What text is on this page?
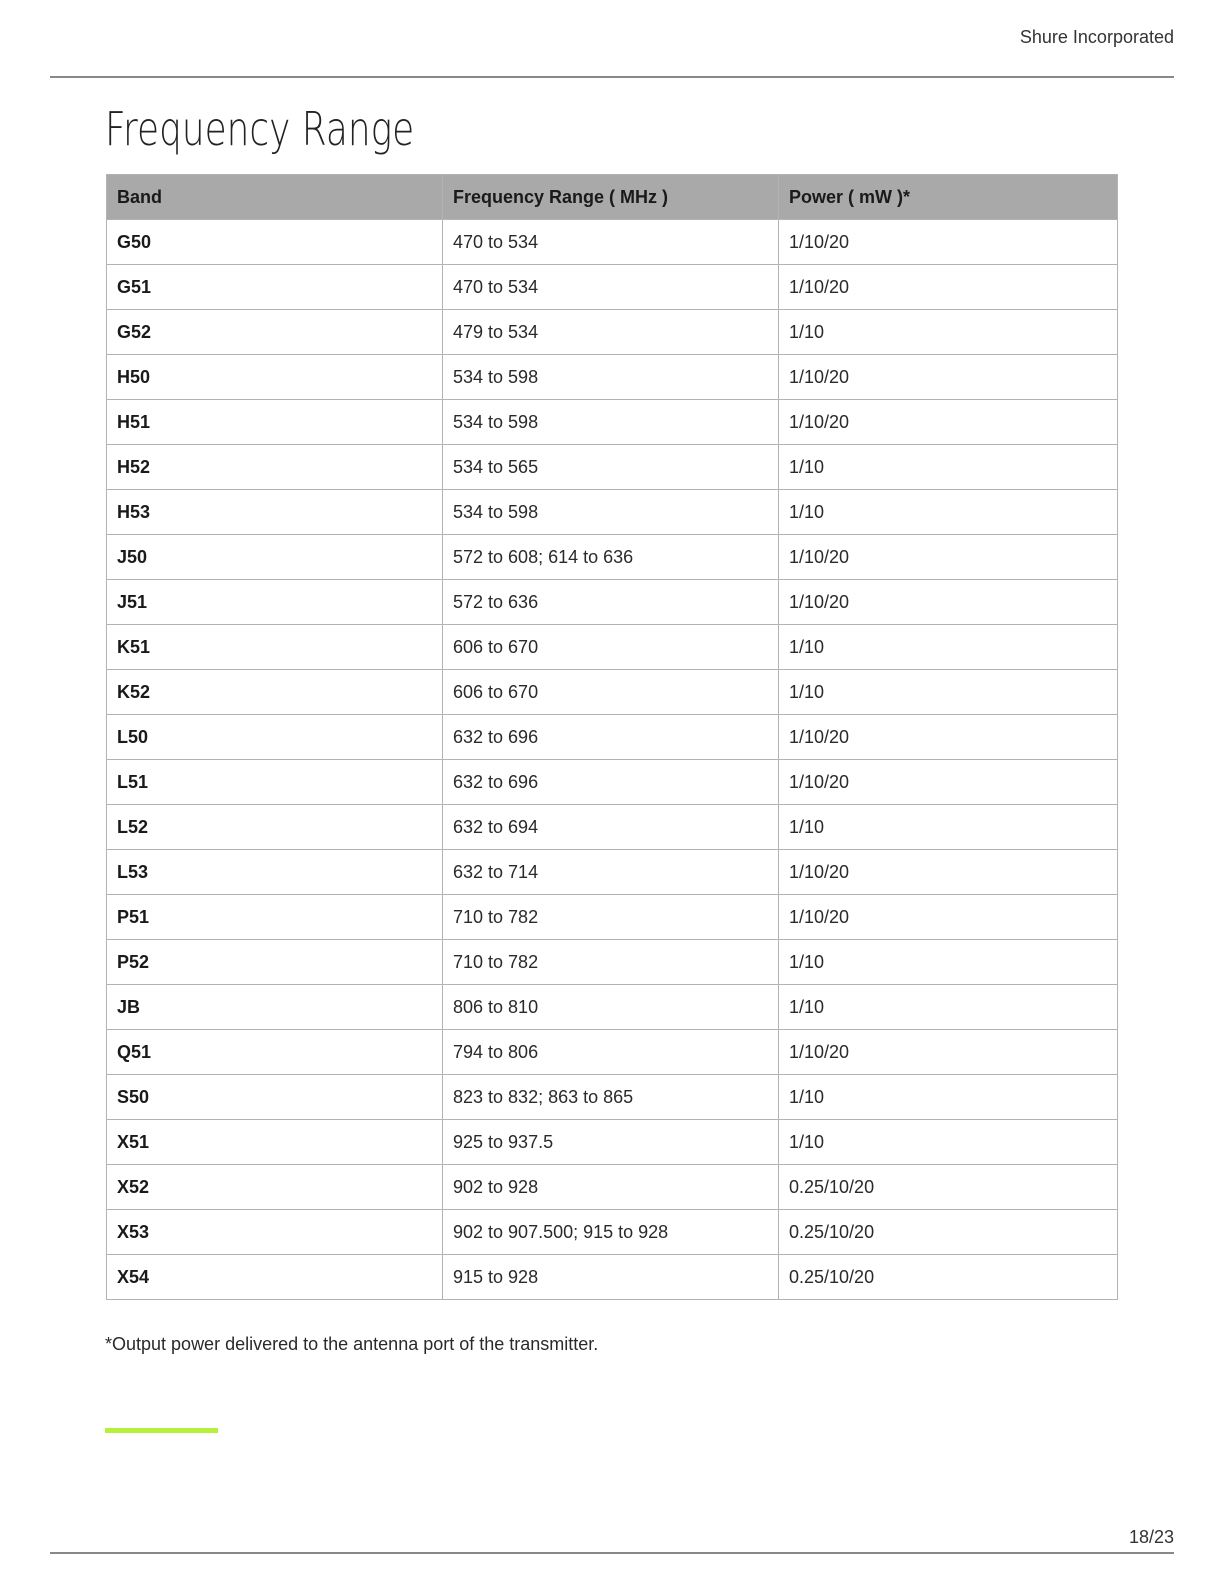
Shure Incorporated
Frequency Range
Band	Frequency Range ( MHz )	Power ( mW )*
G50	470 to 534	1/10/20
G51	470 to 534	1/10/20
G52	479 to 534	1/10
H50	534 to 598	1/10/20
H51	534 to 598	1/10/20
H52	534 to 565	1/10
H53	534 to 598	1/10
J50	572 to 608; 614 to 636	1/10/20
J51	572 to 636	1/10/20
K51	606 to 670	1/10
K52	606 to 670	1/10
L50	632 to 696	1/10/20
L51	632 to 696	1/10/20
L52	632 to 694	1/10
L53	632 to 714	1/10/20
P51	710 to 782	1/10/20
P52	710 to 782	1/10
JB	806 to 810	1/10
Q51	794 to 806	1/10/20
S50	823 to 832; 863 to 865	1/10
X51	925 to 937.5	1/10
X52	902 to 928	0.25/10/20
X53	902 to 907.500; 915 to 928	0.25/10/20
X54	915 to 928	0.25/10/20
*Output power delivered to the antenna port of the transmitter.
18/23
